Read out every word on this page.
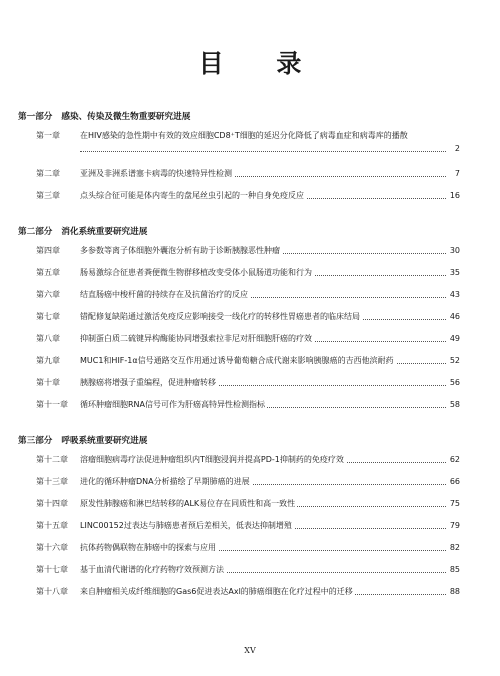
目 录
第一部分 感染、传染及微生物重要研究进展
第一章	在HIV感染的急性期中有效的效应细胞CD8⁺T细胞的延迟分化降低了病毒血症和病毒库的播散
2
第二章	亚洲及非洲系谱塞卡病毒的快速特异性检测	7
第三章	点头综合征可能是体内寄生的盘尾丝虫引起的一种自身免疫反应	16
第二部分 消化系统重要研究进展
第四章	多参数等离子体细胞外囊泡分析有助于诊断胰腺恶性肿瘤	30
第五章	肠易激综合征患者粪便微生物群移植改变受体小鼠肠道功能和行为	35
第六章	结直肠癌中梭杆菌的持续存在及抗菌治疗的反应	43
第七章	错配修复缺陷通过激活免疫反应影响接受一线化疗的转移性胃癌患者的临床结局	46
第八章	抑制蛋白质二硫键异构酶能协同增强索拉非尼对肝细胞肝癌的疗效	49
第九章	MUC1和HIF-1α信号通路交互作用通过诱导葡萄糖合成代谢来影响胰腺癌的吉西他滨耐药	52
第十章	胰腺癌将增强子重编程，促进肿瘤转移	56
第十一章	循环肿瘤细胞RNA信号可作为肝癌高特异性检测指标	58
第三部分 呼吸系统重要研究进展
第十二章	溶瘤细胞病毒疗法促进肿瘤组织内T细胞浸润并提高PD-1抑制药的免疫疗效	62
第十三章	进化的循环肿瘤DNA分析描绘了早期肺癌的进展	66
第十四章	原发性肺腺癌和淋巴结转移的ALK易位存在同质性和高一致性	75
第十五章	LINC00152过表达与肺癌患者预后差相关，低表达抑制增殖	79
第十六章	抗体药物偶联物在肺癌中的探索与应用	82
第十七章	基于血清代谢谱的化疗药物疗效预测方法	85
第十八章	来自肿瘤相关成纤维细胞的Gas6促进表达Axl的肺癌细胞在化疗过程中的迁移	88
XV
